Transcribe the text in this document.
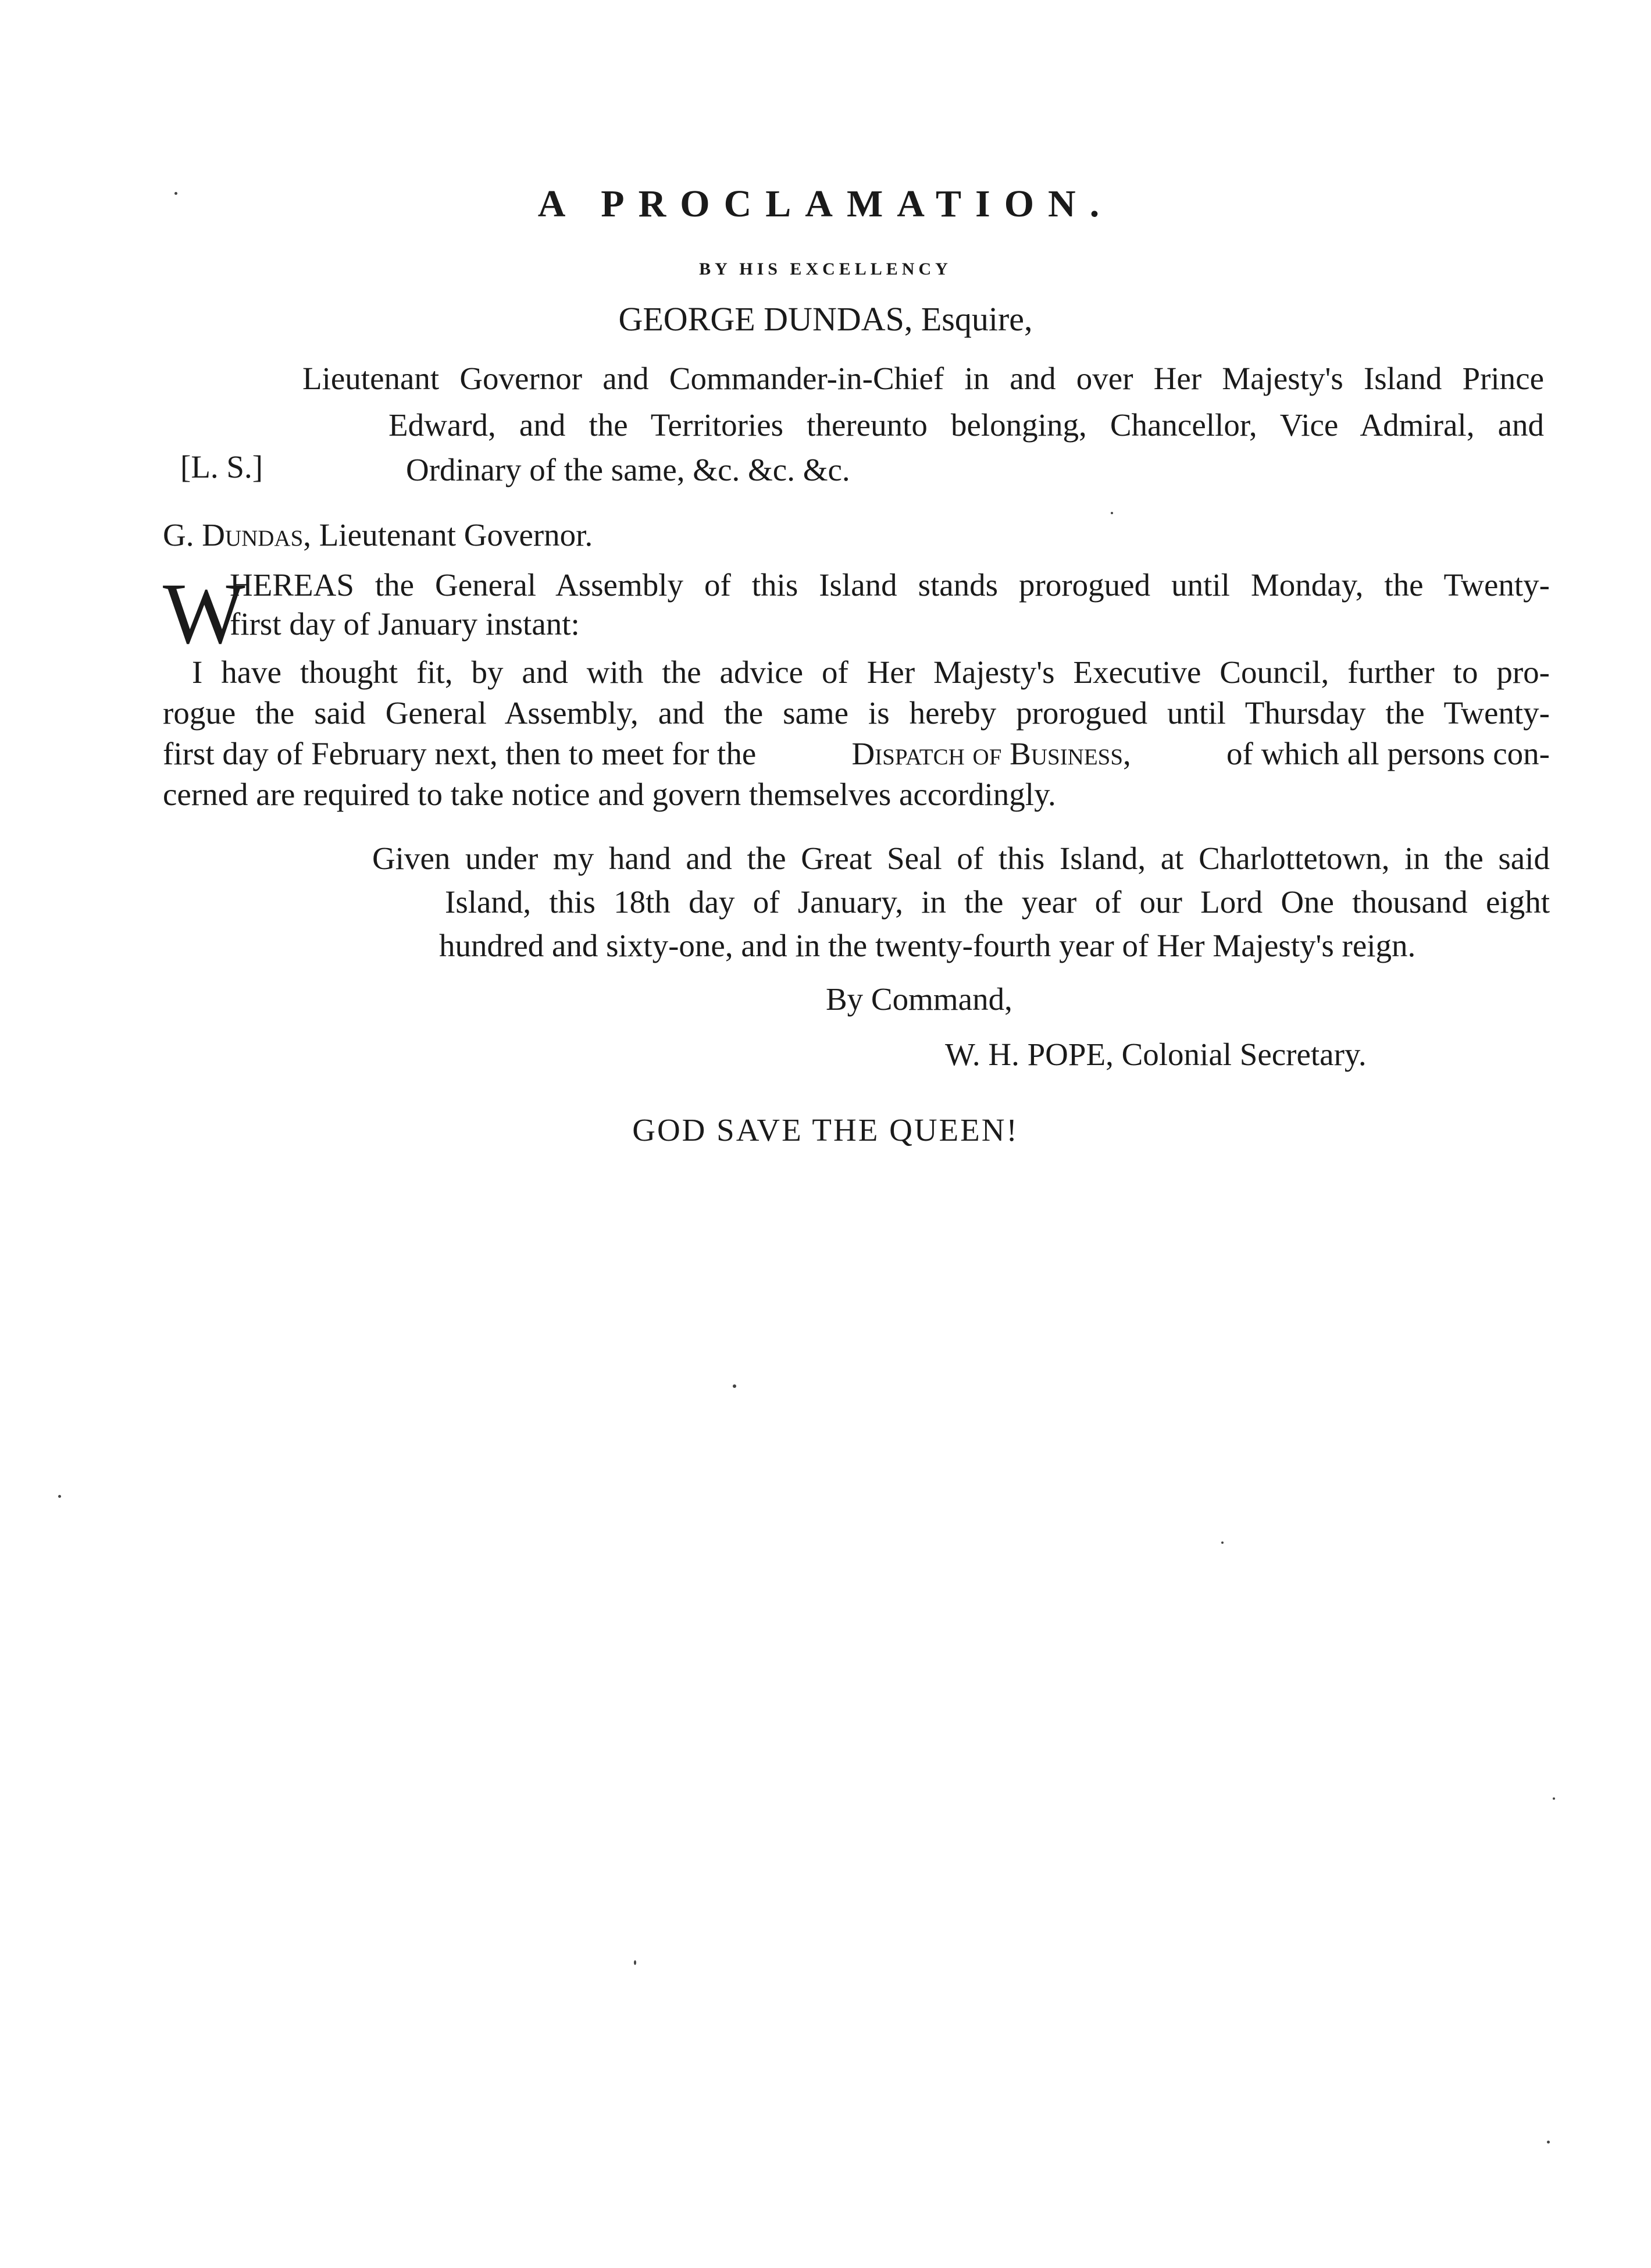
A PROCLAMATION.
BY HIS EXCELLENCY
GEORGE DUNDAS, Esquire,
Lieutenant Governor and Commander-in-Chief in and over Her Majesty's Island Prince
Edward, and the Territories thereunto belonging, Chancellor, Vice Admiral, and
Ordinary of the same, &c. &c. &c.
[L. S.]
G. Dundas, Lieutenant Governor.
W
HEREAS the General Assembly of this Island stands prorogued until Monday, the Twenty-
first day of January instant:
I have thought fit, by and with the advice of Her Majesty's Executive Council, further to pro-
rogue the said General Assembly, and the same is hereby prorogued until Thursday the Twenty-
first day of February next, then to meet for the	Dispatch of Business,	of which all persons con-
cerned are required to take notice and govern themselves accordingly.
Given under my hand and the Great Seal of this Island, at Charlottetown, in the said
Island, this 18th day of January, in the year of our Lord One thousand eight
hundred and sixty-one, and in the twenty-fourth year of Her Majesty's reign.
By Command,
W. H. POPE, Colonial Secretary.
GOD SAVE THE QUEEN!
